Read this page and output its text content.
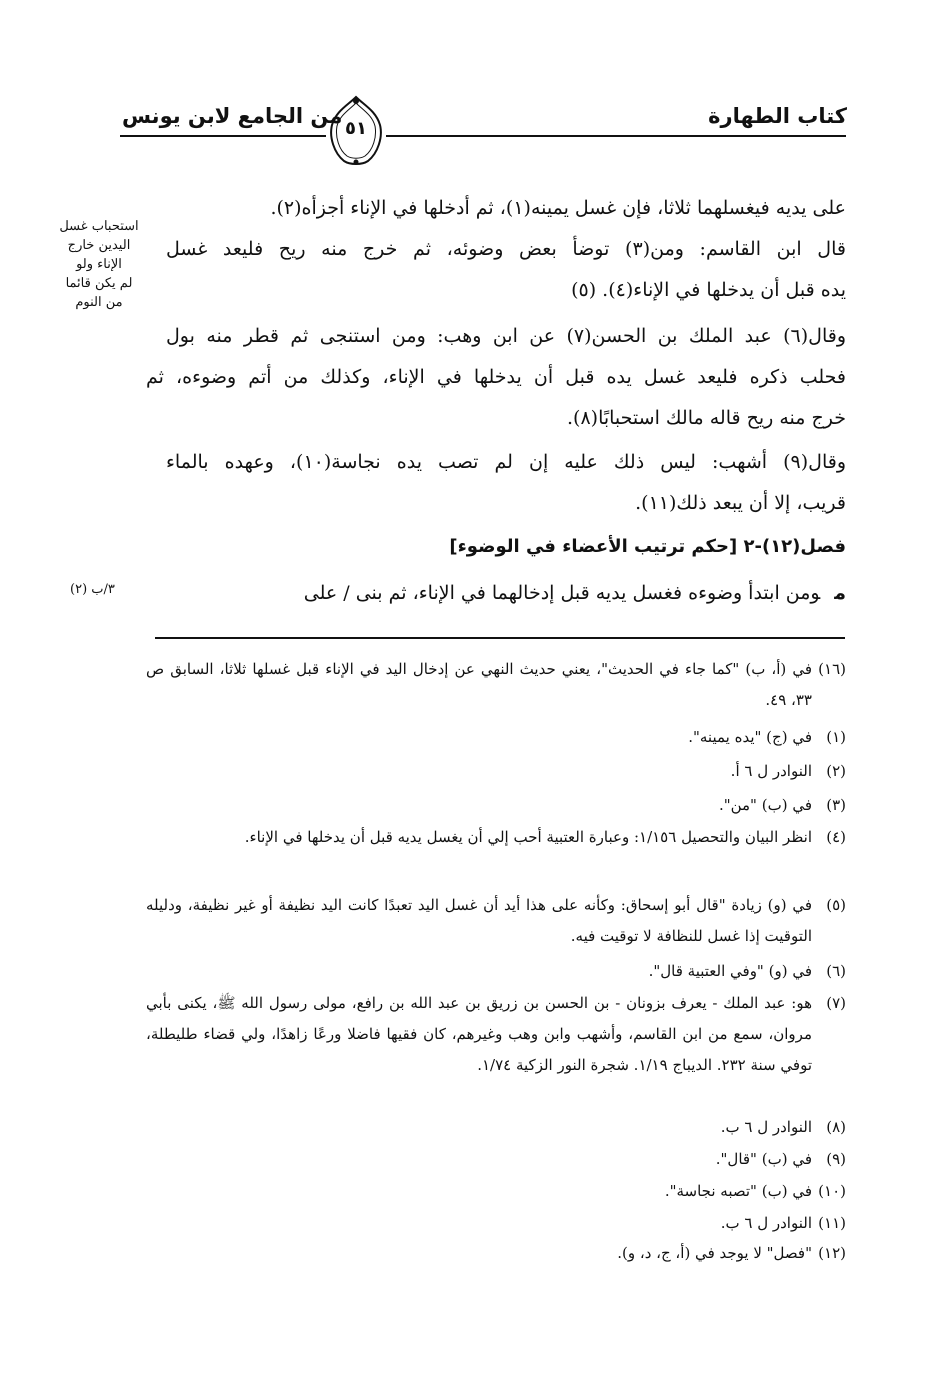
كتاب الطهارة
من الجامع لابن يونس
٥١
استحباب غسل
اليدين خارج
الإناء ولو
لم يكن قائما
من النوم
٣/ب (٢)
على يديه فيغسلهما ثلاثا، فإن غسل يمينه(١)، ثم أدخلها في الإناء أجزأه(٢).
قال ابن القاسم: ومن(٣) توضأ بعض وضوئه، ثم خرج منه ريح فليعد غسل
يده قبل أن يدخلها في الإناء(٤). (٥)
وقال(٦) عبد الملك بن الحسن(٧) عن ابن وهب: ومن استنجى ثم قطر منه بول
فحلب ذكره فليعد غسل يده قبل أن يدخلها في الإناء، وكذلك من أتم وضوءه، ثم
خرج منه ريح قاله مالك استحبابًا(٨).
وقال(٩) أشهب: ليس ذلك عليه إن لم تصب يده نجاسة(١٠)، وعهده بالماء
قريب، إلا أن يبعد ذلك(١١).
فصل(١٢)-٢ [حكم ترتيب الأعضاء في الوضوء]
مومن ابتدأ وضوءه فغسل يديه قبل إدخالهما في الإناء، ثم بنى / على
(١٦)
في (أ، ب) "كما جاء في الحديث"، يعني حديث النهي عن إدخال اليد في الإناء قبل غسلها ثلاثا، السابق ص ٣٣، ٤٩.
(١)
في (ج) "يده يمينه".
(٢)
النوادر ل ٦ أ.
(٣)
في (ب) "من".
(٤)
انظر البيان والتحصيل ١/١٥٦: وعبارة العتبية أحب إلي أن يغسل يديه قبل أن يدخلها في الإناء.
(٥)
في (و) زيادة "قال أبو إسحاق: وكأنه على هذا أيد أن غسل اليد تعبدًا كانت اليد نظيفة أو غير نظيفة، ودليله التوقيت إذا غسل للنظافة لا توقيت فيه.
(٦)
في (و) "وفي العتبية قال".
(٧)
هو: عبد الملك - يعرف بزونان - بن الحسن بن زريق بن عبد الله بن رافع، مولى رسول الله ﷺ، يكنى بأبي مروان، سمع من ابن القاسم، وأشهب وابن وهب وغيرهم، كان فقيها فاضلا ورعًا زاهدًا، ولي قضاء طليطلة، توفي سنة ٢٣٢. الديباج ١/١٩. شجرة النور الزكية ١/٧٤.
(٨)
النوادر ل ٦ ب.
(٩)
في (ب) "قال".
(١٠)
في (ب) "تصبه نجاسة".
(١١)
النوادر ل ٦ ب.
(١٢)
"فصل" لا يوجد في (أ، ج، د، و).
